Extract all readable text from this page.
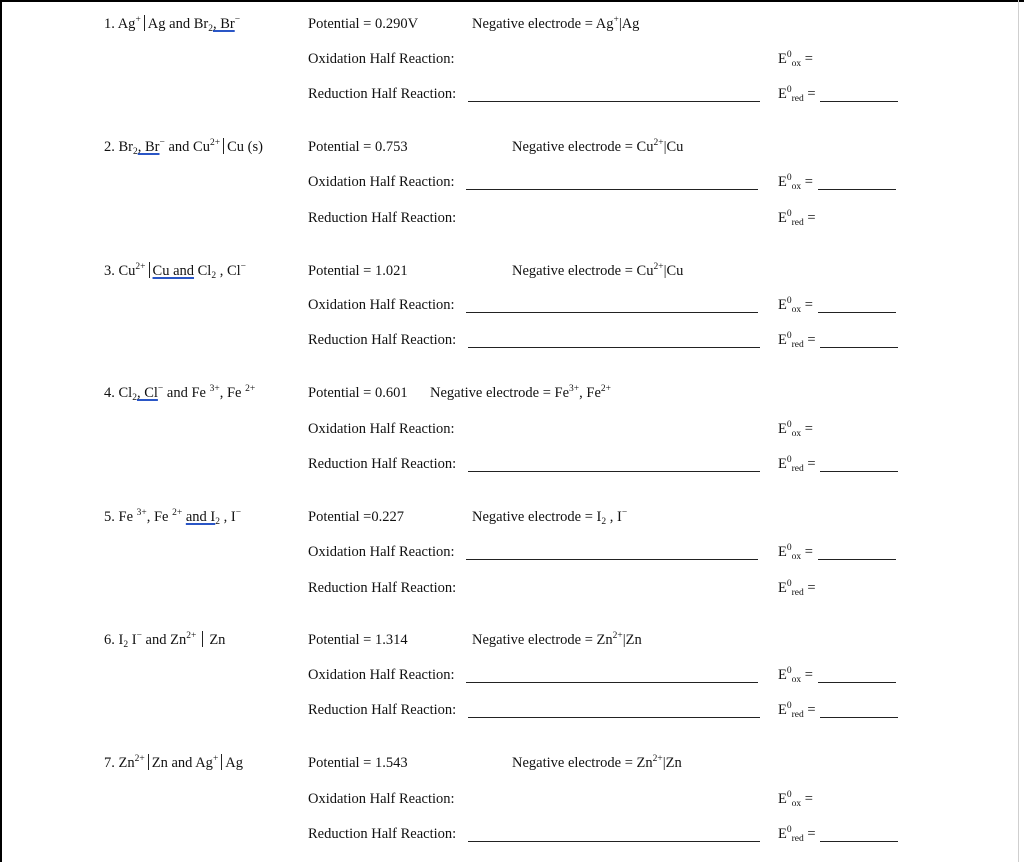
1. Ag+ Ag and $Br_2$, Br−	Potential = 0.290V	Negative electrode = Ag+|Ag
Oxidation Half Reaction:	$E^0_{ox}$ =
Reduction Half Reaction:	$E^0_{red}$ =
2. $Br_2$, Br− and $Cu^{2+}$ Cu (s)	Potential = 0.753	Negative electrode = $Cu^{2+}|Cu$
Oxidation Half Reaction:	$E^0_{ox}$ =
Reduction Half Reaction:	$E^0_{red}$ =
3. $Cu^{2+}$ Cu and $Cl_2$ , Cl−	Potential = 1.021	Negative electrode = $Cu^{2+}|Cu$
Oxidation Half Reaction:	$E^0_{ox}$ =
Reduction Half Reaction:	$E^0_{red}$ =
4. $Cl_2$, Cl− and Fe $^{3+}$, Fe $^{2+}$	Potential = 0.601 Negative electrode = $Fe^{3+}$, $Fe^{2+}$
Oxidation Half Reaction:	$E^0_{ox}$ =
Reduction Half Reaction:	$E^0_{red}$ =
5. Fe $^{3+}$, Fe $^{2+}$ and $I_2$ , I−	Potential =0.227	Negative electrode = $I_2$ , I−
Oxidation Half Reaction:	$E^0_{ox}$ =
Reduction Half Reaction:	$E^0_{red}$ =
6. $I_2$ I− and $Zn^{2+}$ Zn	Potential = 1.314	Negative electrode = $Zn^{2+}|Zn$
Oxidation Half Reaction:	$E^0_{ox}$ =
Reduction Half Reaction:	$E^0_{red}$ =
7. $Zn^{2+}$ Zn and Ag+ Ag	Potential = 1.543	Negative electrode = $Zn^{2+}|Zn$
Oxidation Half Reaction:	$E^0_{ox}$ =
Reduction Half Reaction:	$E^0_{red}$ =
